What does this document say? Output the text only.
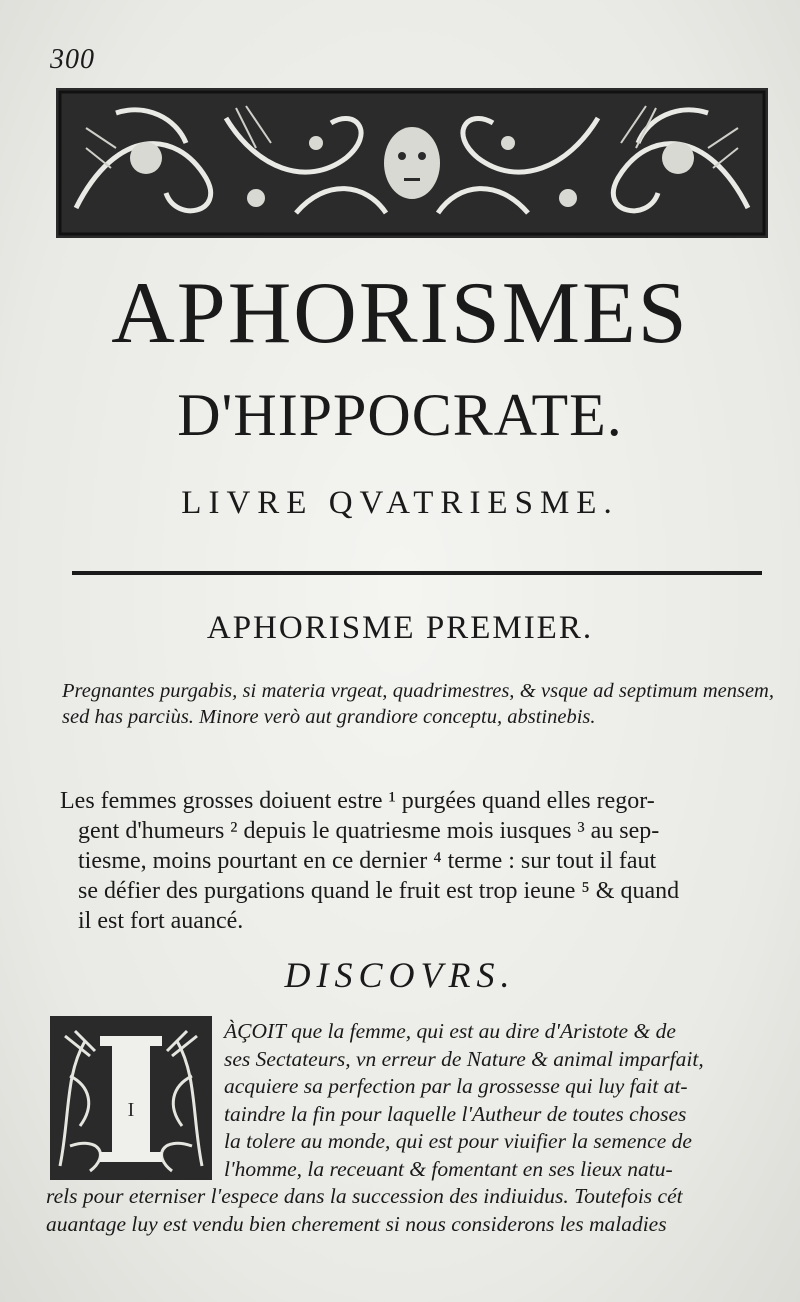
300
APHORISMES
D'HIPPOCRATE.
LIVRE QVATRIESME.
APHORISME PREMIER.
Pregnantes purgabis, si materia vrgeat, quadrimestres, & vsque ad septimum mensem, sed has parciùs. Minore verò aut grandiore conceptu, abstinebis.
Les femmes grosses doiuent estre ¹ purgées quand elles regor-
gent d'humeurs ² depuis le quatriesme mois iusques ³ au sep-
tiesme, moins pourtant en ce dernier ⁴ terme : sur tout il faut
se défier des purgations quand le fruit est trop ieune ⁵ & quand
il est fort auancé.
DISCOVRS.
I
ÀÇOIT que la femme, qui est au dire d'Aristote & de
ses Sectateurs, vn erreur de Nature & animal imparfait,
acquiere sa perfection par la grossesse qui luy fait at-
taindre la fin pour laquelle l'Autheur de toutes choses
la tolere au monde, qui est pour viuifier la semence de
l'homme, la receuant & fomentant en ses lieux natu-
rels pour eterniser l'espece dans la succession des indiuidus. Toutefois cét
auantage luy est vendu bien cherement si nous considerons les maladies
